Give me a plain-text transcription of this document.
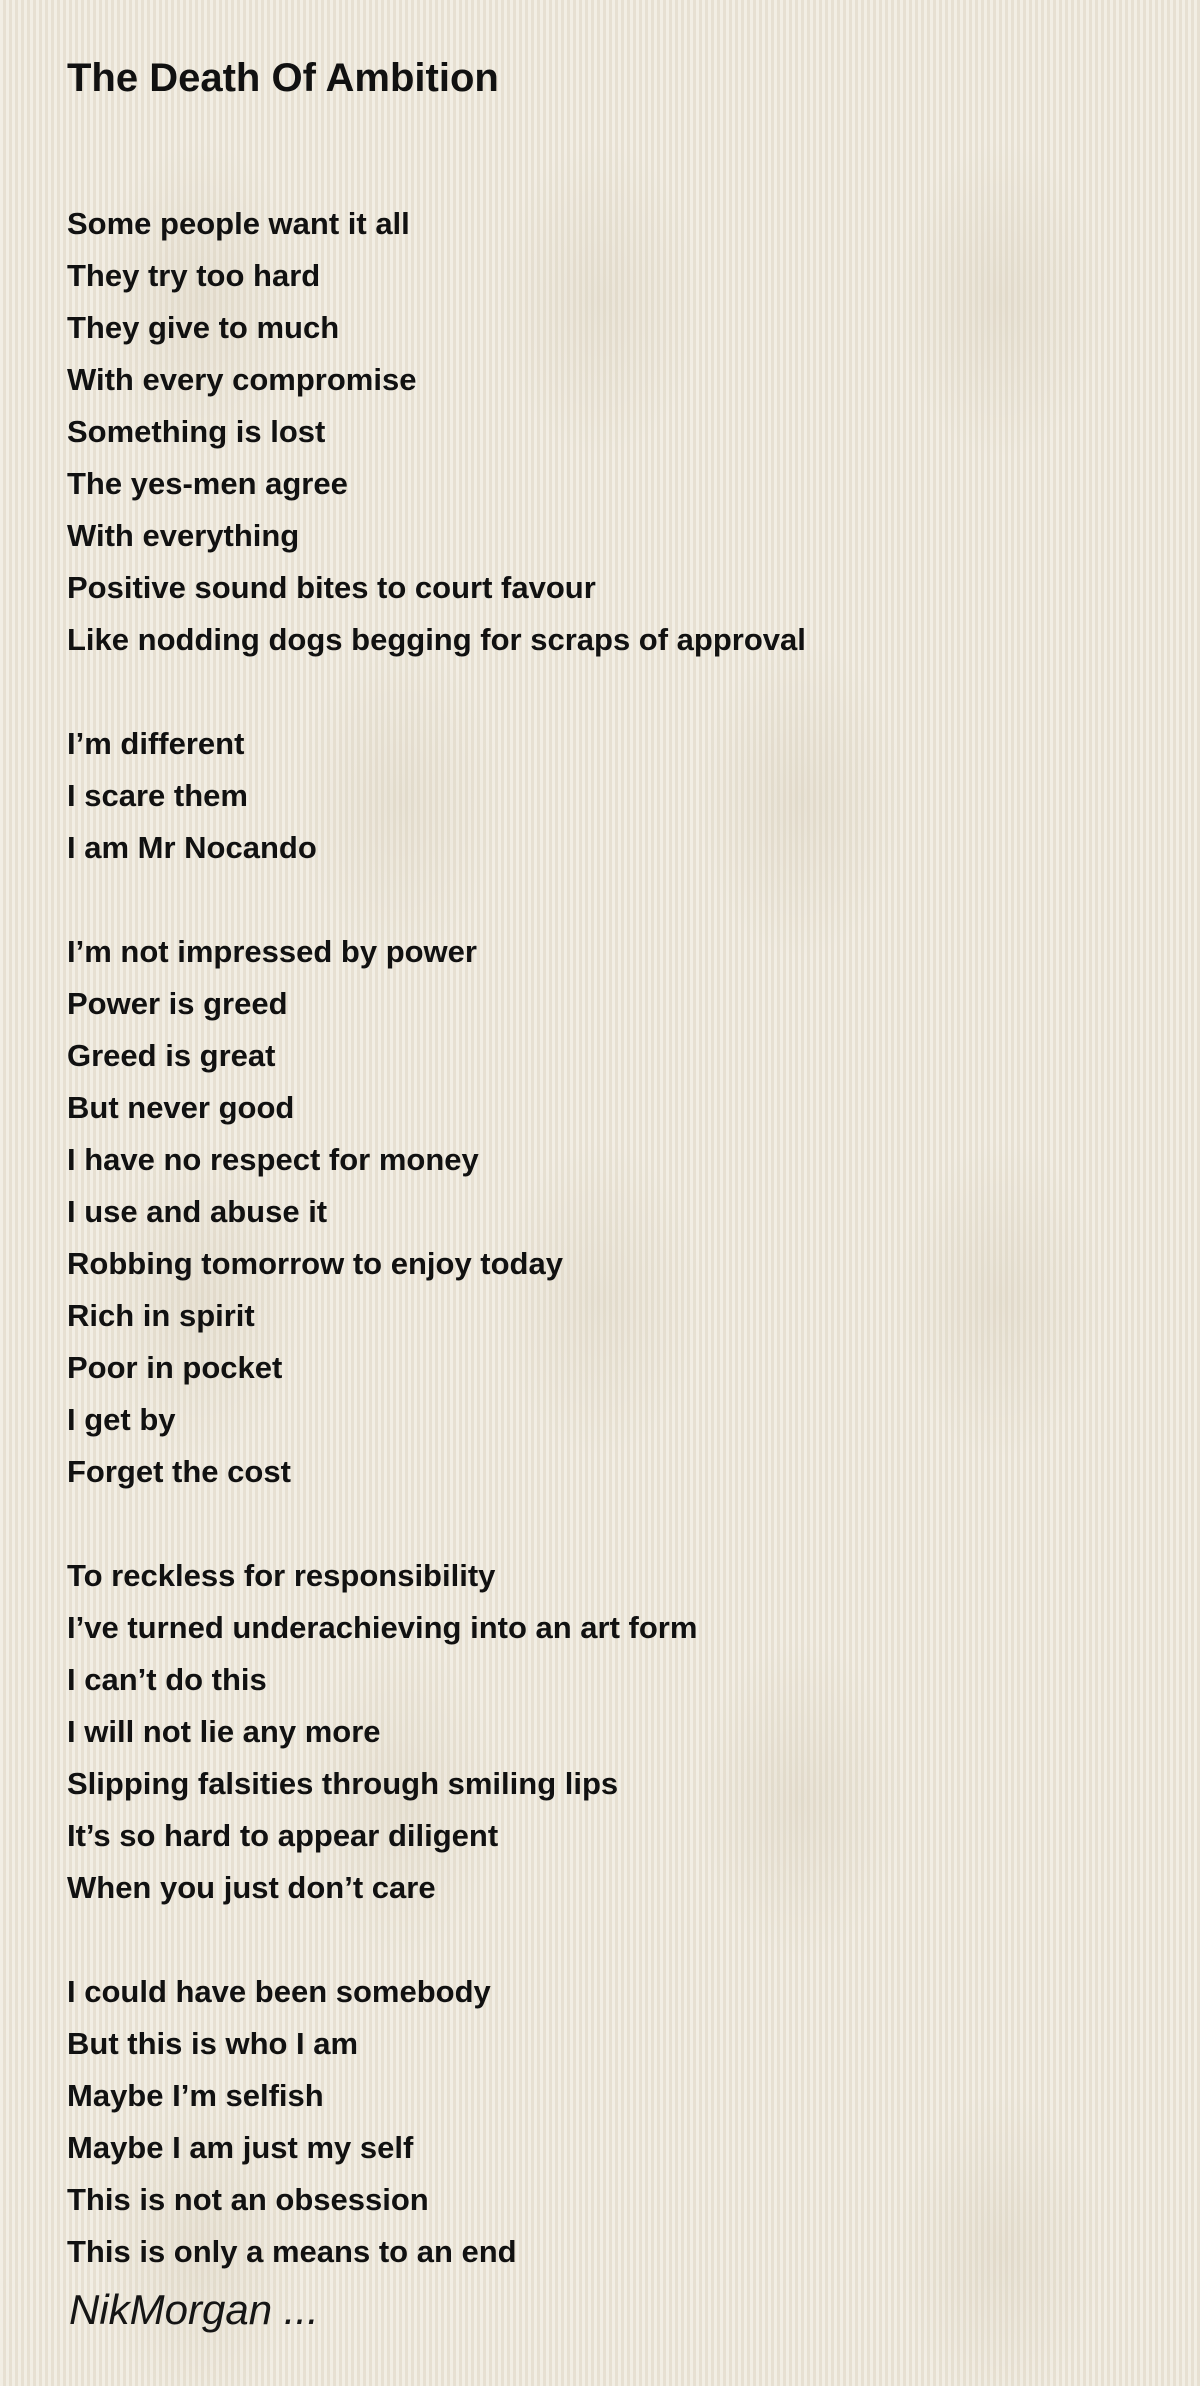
The Death Of Ambition
Some people want it all
They try too hard
They give to much
With every compromise
Something is lost
The yes-men agree
With everything
Positive sound bites to court favour
Like nodding dogs begging for scraps of approval
I’m different
I scare them
I am Mr Nocando
I’m not impressed by power
Power is greed
Greed is great
But never good
I have no respect for money
I use and abuse it
Robbing tomorrow to enjoy today
Rich in spirit
Poor in pocket
I get by
Forget the cost
To reckless for responsibility
I’ve turned underachieving into an art form
I can’t do this
I will not lie any more
Slipping falsities through smiling lips
It’s so hard to appear diligent
When you just don’t care
I could have been somebody
But this is who I am
Maybe I’m selfish
Maybe I am just my self
This is not an obsession
This is only a means to an end
NikMorgan ...
